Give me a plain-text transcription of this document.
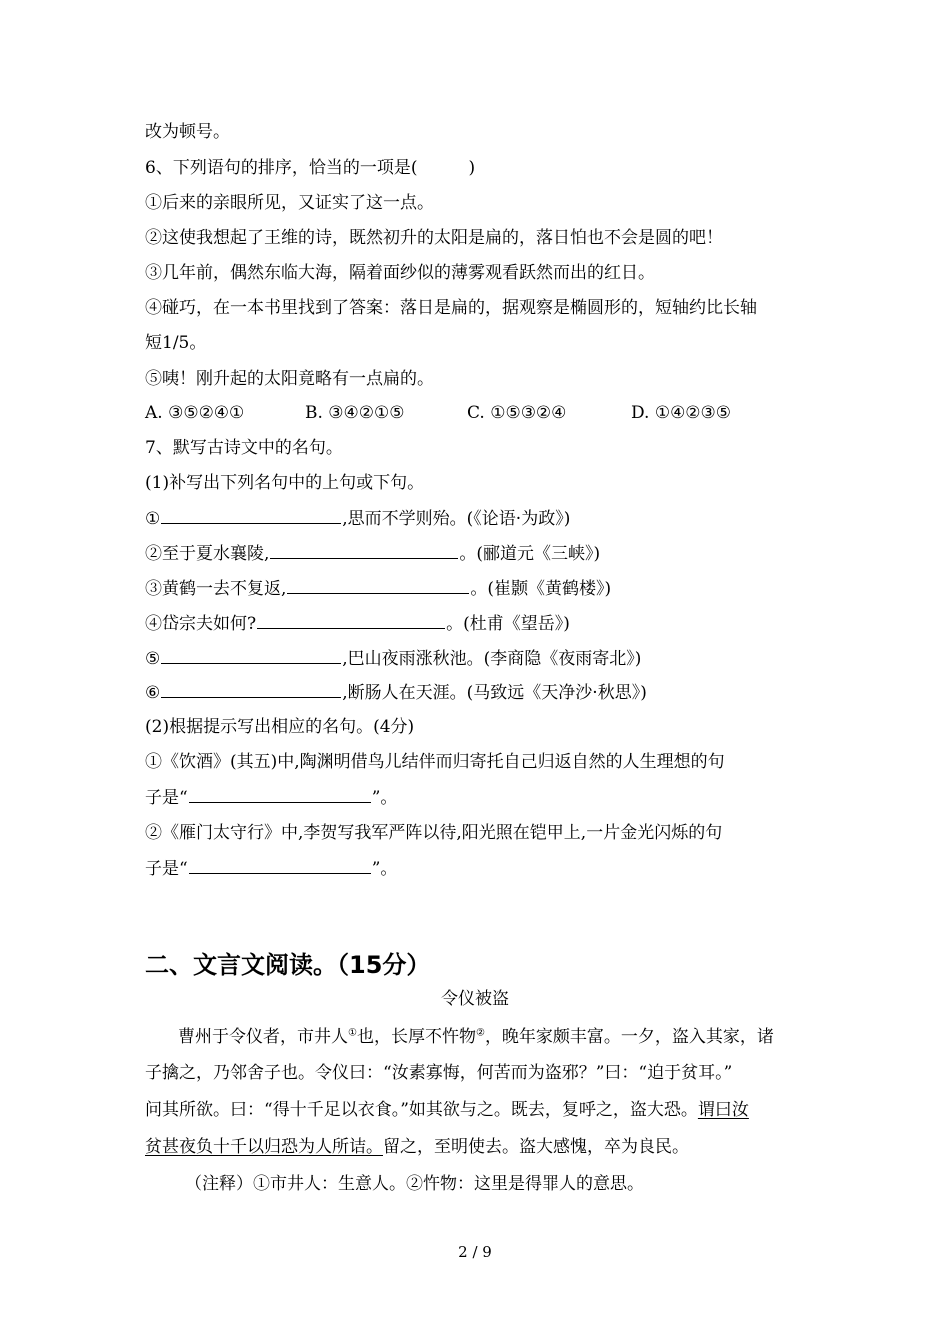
改为顿号。
6、下列语句的排序，恰当的一项是(　　　)
①后来的亲眼所见，又证实了这一点。
②这使我想起了王维的诗，既然初升的太阳是扁的，落日怕也不会是圆的吧！
③几年前，偶然东临大海，隔着面纱似的薄雾观看跃然而出的红日。
④碰巧，在一本书里找到了答案：落日是扁的，据观察是椭圆形的，短轴约比长轴
短1/5。
⑤咦！刚升起的太阳竟略有一点扁的。
A. ③⑤②④①	B. ③④②①⑤	C. ①⑤③②④	D. ①④②③⑤
7、默写古诗文中的名句。
(1)补写出下列名句中的上句或下句。
①	,思而不学则殆。(《论语·为政》)
②至于夏水襄陵,	。(郦道元《三峡》)
③黄鹤一去不复返,	。(崔颢《黄鹤楼》)
④岱宗夫如何?	。(杜甫《望岳》)
⑤	,巴山夜雨涨秋池。(李商隐《夜雨寄北》)
⑥	,断肠人在天涯。(马致远《天净沙·秋思》)
(2)根据提示写出相应的名句。(4分)
①《饮酒》(其五)中,陶渊明借鸟儿结伴而归寄托自己归返自然的人生理想的句
子是“	”。
②《雁门太守行》中,李贺写我军严阵以待,阳光照在铠甲上,一片金光闪烁的句
子是“	”。
二、文言文阅读。（15分）
令仪被盗
曹州于令仪者，市井人①也，长厚不忤物②，晚年家颇丰富。一夕，盗入其家，诸
子擒之，乃邻舍子也。令仪曰：“汝素寡悔，何苦而为盗邪？”曰：“迫于贫耳。”
问其所欲。曰：“得十千足以衣食。”如其欲与之。既去，复呼之，盗大恐。谓曰汝
贫甚夜负十千以归恐为人所诘。留之，至明使去。盗大感愧，卒为良民。
（注释）①市井人：生意人。②忤物：这里是得罪人的意思。
2 / 9
